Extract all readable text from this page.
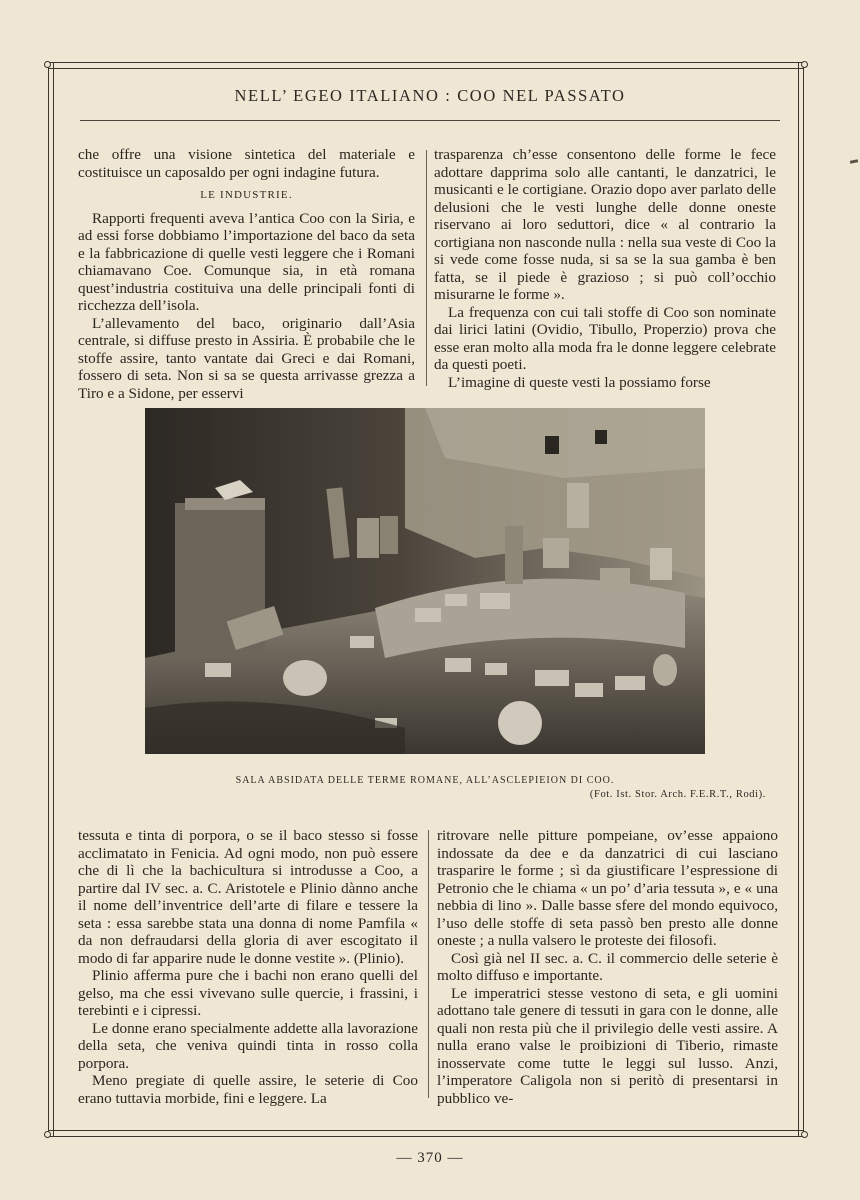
NELL’ EGEO ITALIANO : COO NEL PASSATO

che offre una visione sintetica del materiale e costituisce un caposaldo per ogni indagine futura.

LE INDUSTRIE.

Rapporti frequenti aveva l’antica Coo con la Siria, e ad essi forse dobbiamo l’importazione del baco da seta e la fabbricazione di quelle vesti leggere che i Romani chiamavano Coe. Comunque sia, in età romana quest’industria costituiva una delle principali fonti di ricchezza dell’isola.

L’allevamento del baco, originario dall’Asia centrale, si diffuse presto in Assiria. È probabile che le stoffe assire, tanto vantate dai Greci e dai Romani, fossero di seta. Non si sa se questa arrivasse grezza a Tiro e a Sidone, per esservi

trasparenza ch’esse consentono delle forme le fece adottare dapprima solo alle cantanti, le danzatrici, le musicanti e le cortigiane. Orazio dopo aver parlato delle delusioni che le vesti lunghe delle donne oneste riservano ai loro seduttori, dice « al contrario la cortigiana non nasconde nulla : nella sua veste di Coo la si vede come fosse nuda, si sa se la sua gamba è ben fatta, se il piede è grazioso ; si può coll’occhio misurarne le forme ».

La frequenza con cui tali stoffe di Coo son nominate dai lirici latini (Ovidio, Tibullo, Properzio) prova che esse eran molto alla moda fra le donne leggere celebrate da questi poeti.

L’imagine di queste vesti la possiamo forse

SALA ABSIDATA DELLE TERME ROMANE, ALL’ASCLEPIEION DI COO.
(Fot. Ist. Stor. Arch. F.E.R.T., Rodi).

tessuta e tinta di porpora, o se il baco stesso si fosse acclimatato in Fenicia. Ad ogni modo, non può essere che di lì che la bachicultura si introdusse a Coo, a partire dal IV sec. a. C. Aristotele e Plinio dànno anche il nome dell’inventrice dell’arte di filare e tessere la seta : essa sarebbe stata una donna di nome Pamfila « da non defraudarsi della gloria di aver escogitato il modo di far apparire nude le donne vestite ». (Plinio).

Plinio afferma pure che i bachi non erano quelli del gelso, ma che essi vivevano sulle quercie, i frassini, i terebinti e i cipressi.

Le donne erano specialmente addette alla lavorazione della seta, che veniva quindi tinta in rosso colla porpora.

Meno pregiate di quelle assire, le seterie di Coo erano tuttavia morbide, fini e leggere. La

ritrovare nelle pitture pompeiane, ov’esse appaiono indossate da dee e da danzatrici di cui lasciano trasparire le forme ; sì da giustificare l’espressione di Petronio che le chiama « un po’ d’aria tessuta », e « una nebbia di lino ». Dalle basse sfere del mondo equivoco, l’uso delle stoffe di seta passò ben presto alle donne oneste ; a nulla valsero le proteste dei filosofi.

Così già nel II sec. a. C. il commercio delle seterie è molto diffuso e importante.

Le imperatrici stesse vestono di seta, e gli uomini adottano tale genere di tessuti in gara con le donne, alle quali non resta più che il privilegio delle vesti assire. A nulla erano valse le proibizioni di Tiberio, rimaste inosservate come tutte le leggi sul lusso. Anzi, l’imperatore Caligola non si peritò di presentarsi in pubblico ve-

— 370 —
